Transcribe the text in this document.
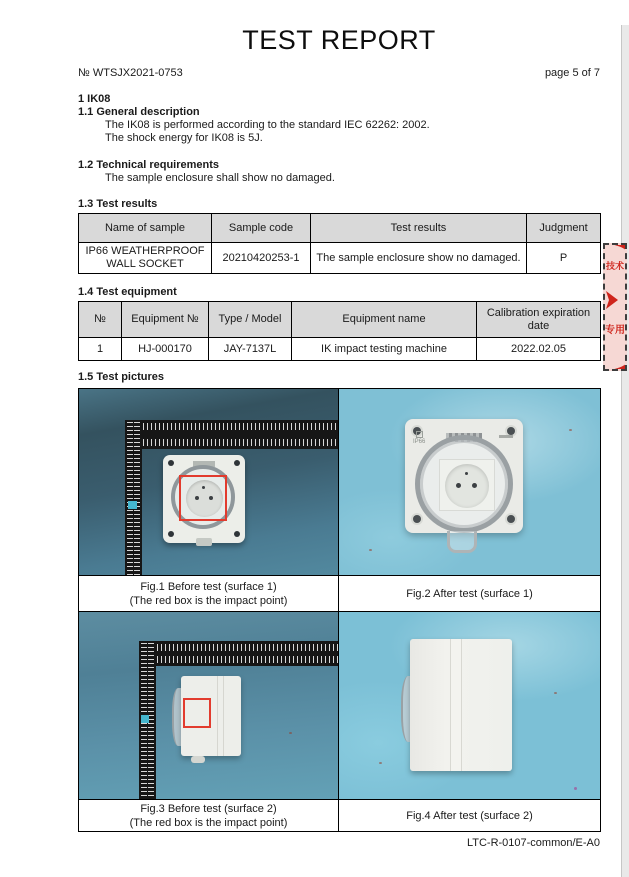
技术
专用
TEST REPORT
№ WTSJX2021-0753	page 5 of 7
1 IK08
1.1 General description
The IK08 is performed according to the standard IEC 62262: 2002.
The shock energy for IK08 is 5J.
1.2 Technical requirements
The sample enclosure shall show no damaged.
1.3 Test results
Name of sample	Sample code	Test results	Judgment
IP66 WEATHERPROOF WALL SOCKET	20210420253-1	The sample enclosure show no damaged.	P
1.4 Test equipment
№	Equipment №	Type / Model	Equipment name	Calibration expiration date
1	HJ-000170	JAY-7137L	IK impact testing machine	2022.02.05
1.5 Test pictures

	IP66

Fig.1 Before test (surface 1)
(The red box is the impact point)	Fig.2 After test (surface 1)

Fig.3 Before test (surface 2)
(The red box is the impact point)	Fig.4 After test (surface 2)
LTC-R-0107-common/E-A0
